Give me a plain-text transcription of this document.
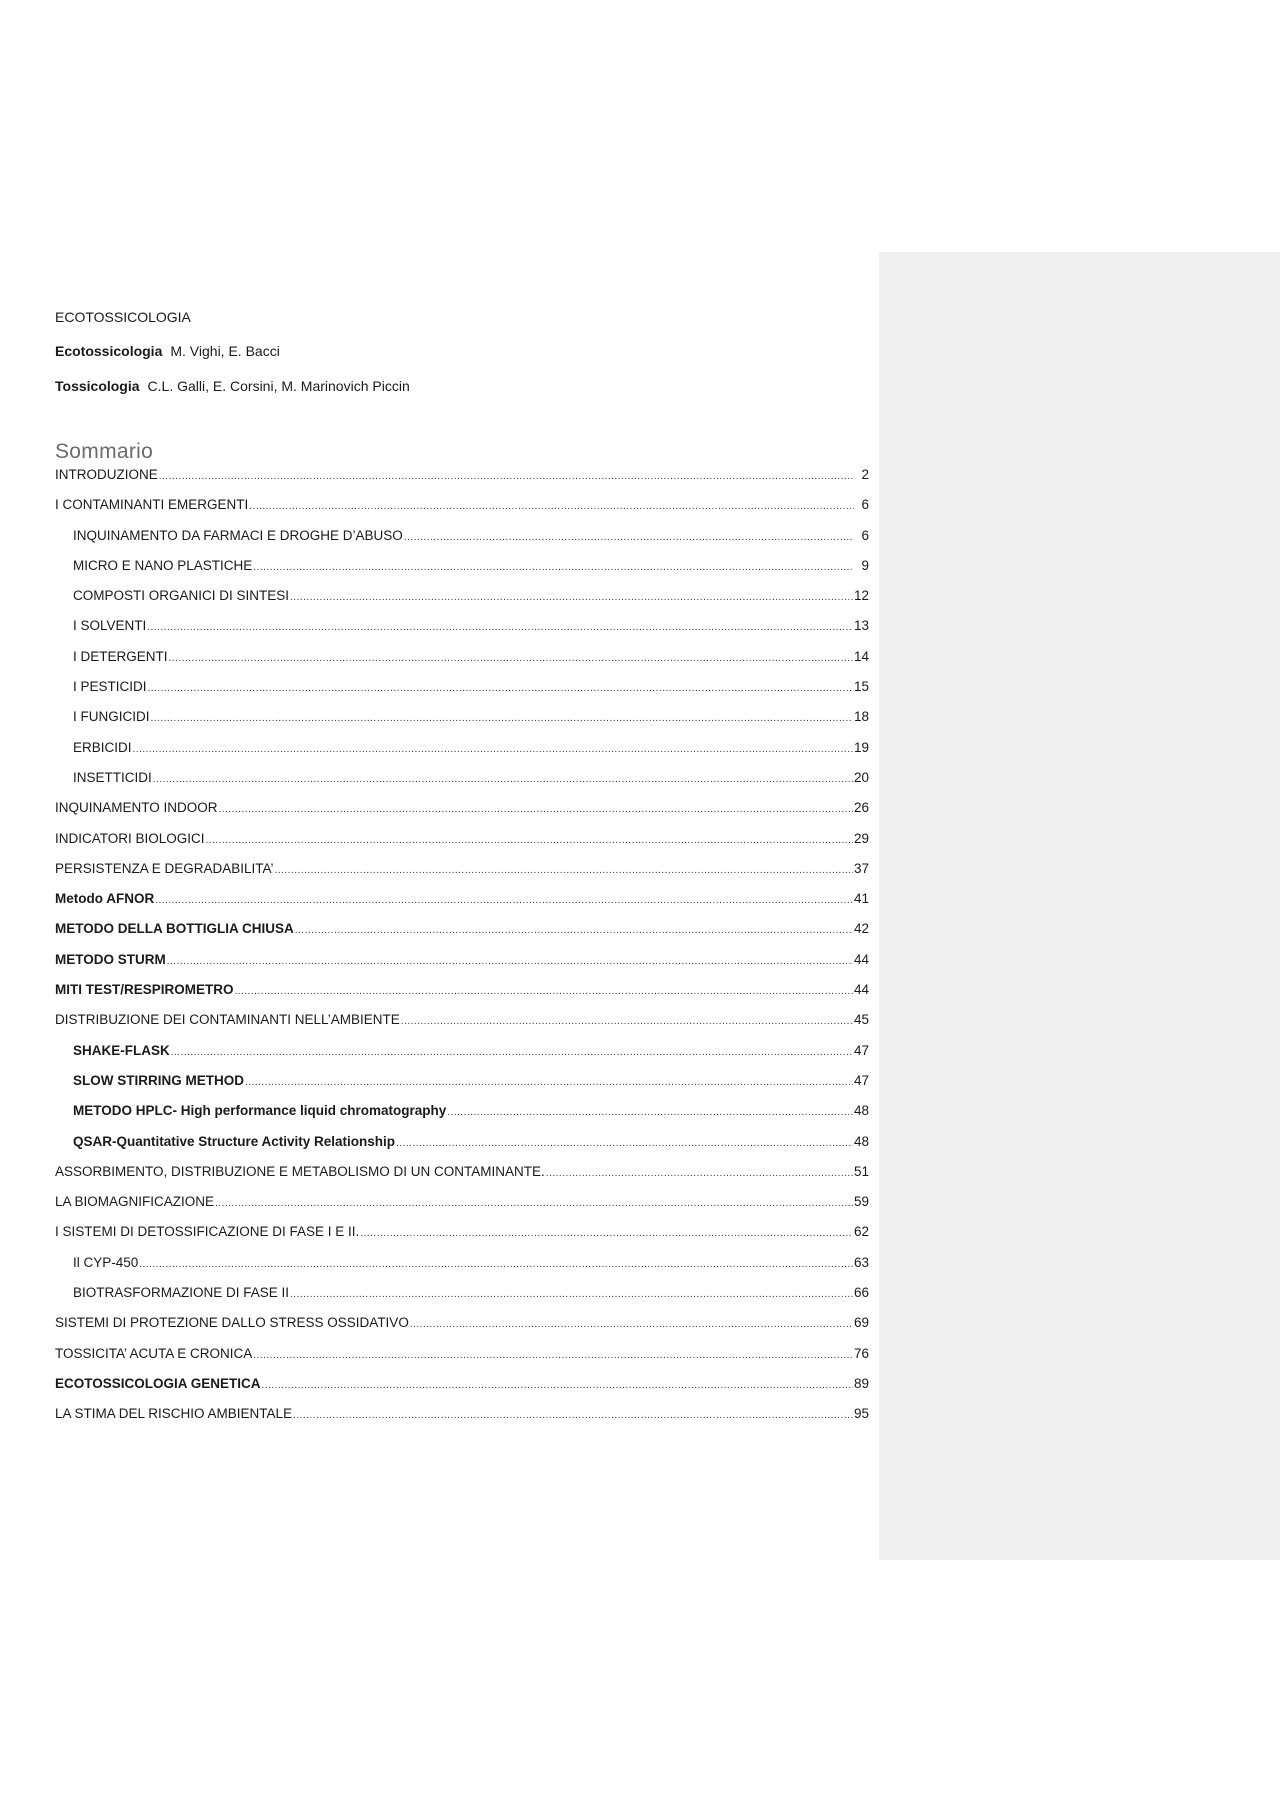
ECOTOSSICOLOGIA
Ecotossicologia M. Vighi, E. Bacci
Tossicologia C.L. Galli, E. Corsini, M. Marinovich Piccin
Sommario
INTRODUZIONE .....	2
I CONTAMINANTI EMERGENTI .....	6
INQUINAMENTO DA FARMACI E DROGHE D’ABUSO .....	6
MICRO E NANO PLASTICHE .....	9
COMPOSTI ORGANICI DI SINTESI .....	12
I SOLVENTI .....	13
I DETERGENTI .....	14
I PESTICIDI .....	15
I FUNGICIDI .....	18
ERBICIDI .....	19
INSETTICIDI .....	20
INQUINAMENTO INDOOR .....	26
INDICATORI BIOLOGICI .....	29
PERSISTENZA E DEGRADABILITA’ .....	37
Metodo AFNOR .....	41
METODO DELLA BOTTIGLIA CHIUSA .....	42
METODO STURM .....	44
MITI TEST/RESPIROMETRO .....	44
DISTRIBUZIONE DEI CONTAMINANTI NELL’AMBIENTE .....	45
SHAKE-FLASK .....	47
SLOW STIRRING METHOD .....	47
METODO HPLC- High performance liquid chromatography .....	48
QSAR-Quantitative Structure Activity Relationship .....	48
ASSORBIMENTO, DISTRIBUZIONE E METABOLISMO DI UN CONTAMINANTE. .....	51
LA BIOMAGNIFICAZIONE .....	59
I SISTEMI DI DETOSSIFICAZIONE DI FASE I E II. .....	62
Il CYP-450 .....	63
BIOTRASFORMAZIONE DI FASE II .....	66
SISTEMI DI PROTEZIONE DALLO STRESS OSSIDATIVO .....	69
TOSSICITA’ ACUTA E CRONICA .....	76
ECOTOSSICOLOGIA GENETICA .....	89
LA STIMA DEL RISCHIO AMBIENTALE .....	95
